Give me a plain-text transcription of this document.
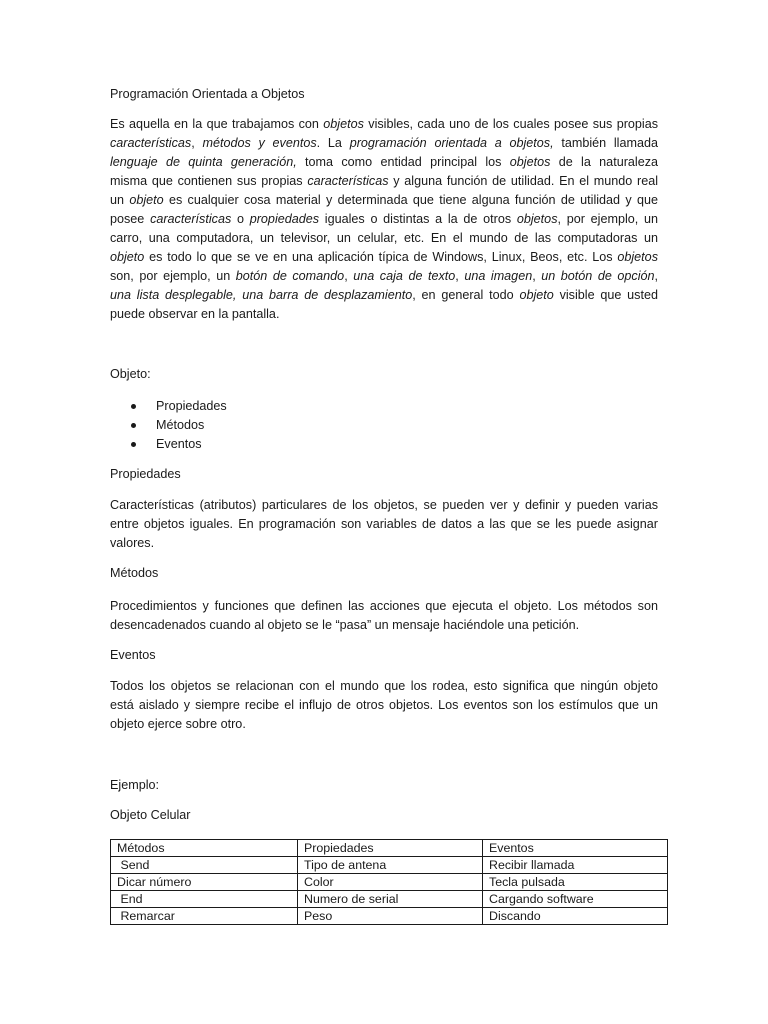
Programación Orientada a Objetos

Es aquella en la que trabajamos con objetos visibles, cada uno de los cuales posee sus propias
características, métodos y eventos. La programación orientada a objetos, también llamada
lenguaje de quinta generación, toma como entidad principal los objetos de la naturaleza
misma que contienen sus propias características y alguna función de utilidad. En el mundo real
un objeto es cualquier cosa material y determinada que tiene alguna función de utilidad y que
posee características o propiedades iguales o distintas a la de otros objetos, por ejemplo, un
carro, una computadora, un televisor, un celular, etc. En el mundo de las computadoras un
objeto es todo lo que se ve en una aplicación típica de Windows, Linux, Beos, etc. Los objetos
son, por ejemplo, un botón de comando, una caja de texto, una imagen, un botón de opción,
una lista desplegable, una barra de desplazamiento, en general todo objeto visible que usted
puede observar en la pantalla.

Objeto:

Propiedades
Métodos
Eventos

Propiedades

Características (atributos) particulares de los objetos, se pueden ver y definir y pueden varias
entre objetos iguales. En programación son variables de datos a las que se les puede asignar
valores.

Métodos

Procedimientos y funciones que definen las acciones que ejecuta el objeto. Los métodos son
desencadenados cuando al objeto se le “pasa” un mensaje haciéndole una petición.

Eventos

Todos los objetos se relacionan con el mundo que los rodea, esto significa que ningún objeto
está aislado y siempre recibe el influjo de otros objetos. Los eventos son los estímulos que un
objeto ejerce sobre otro.

Ejemplo:

Objeto Celular

Métodos	Propiedades	Eventos
Send	Tipo de antena	Recibir llamada
Dicar número	Color	Tecla pulsada
End	Numero de serial	Cargando software
Remarcar	Peso	Discando
